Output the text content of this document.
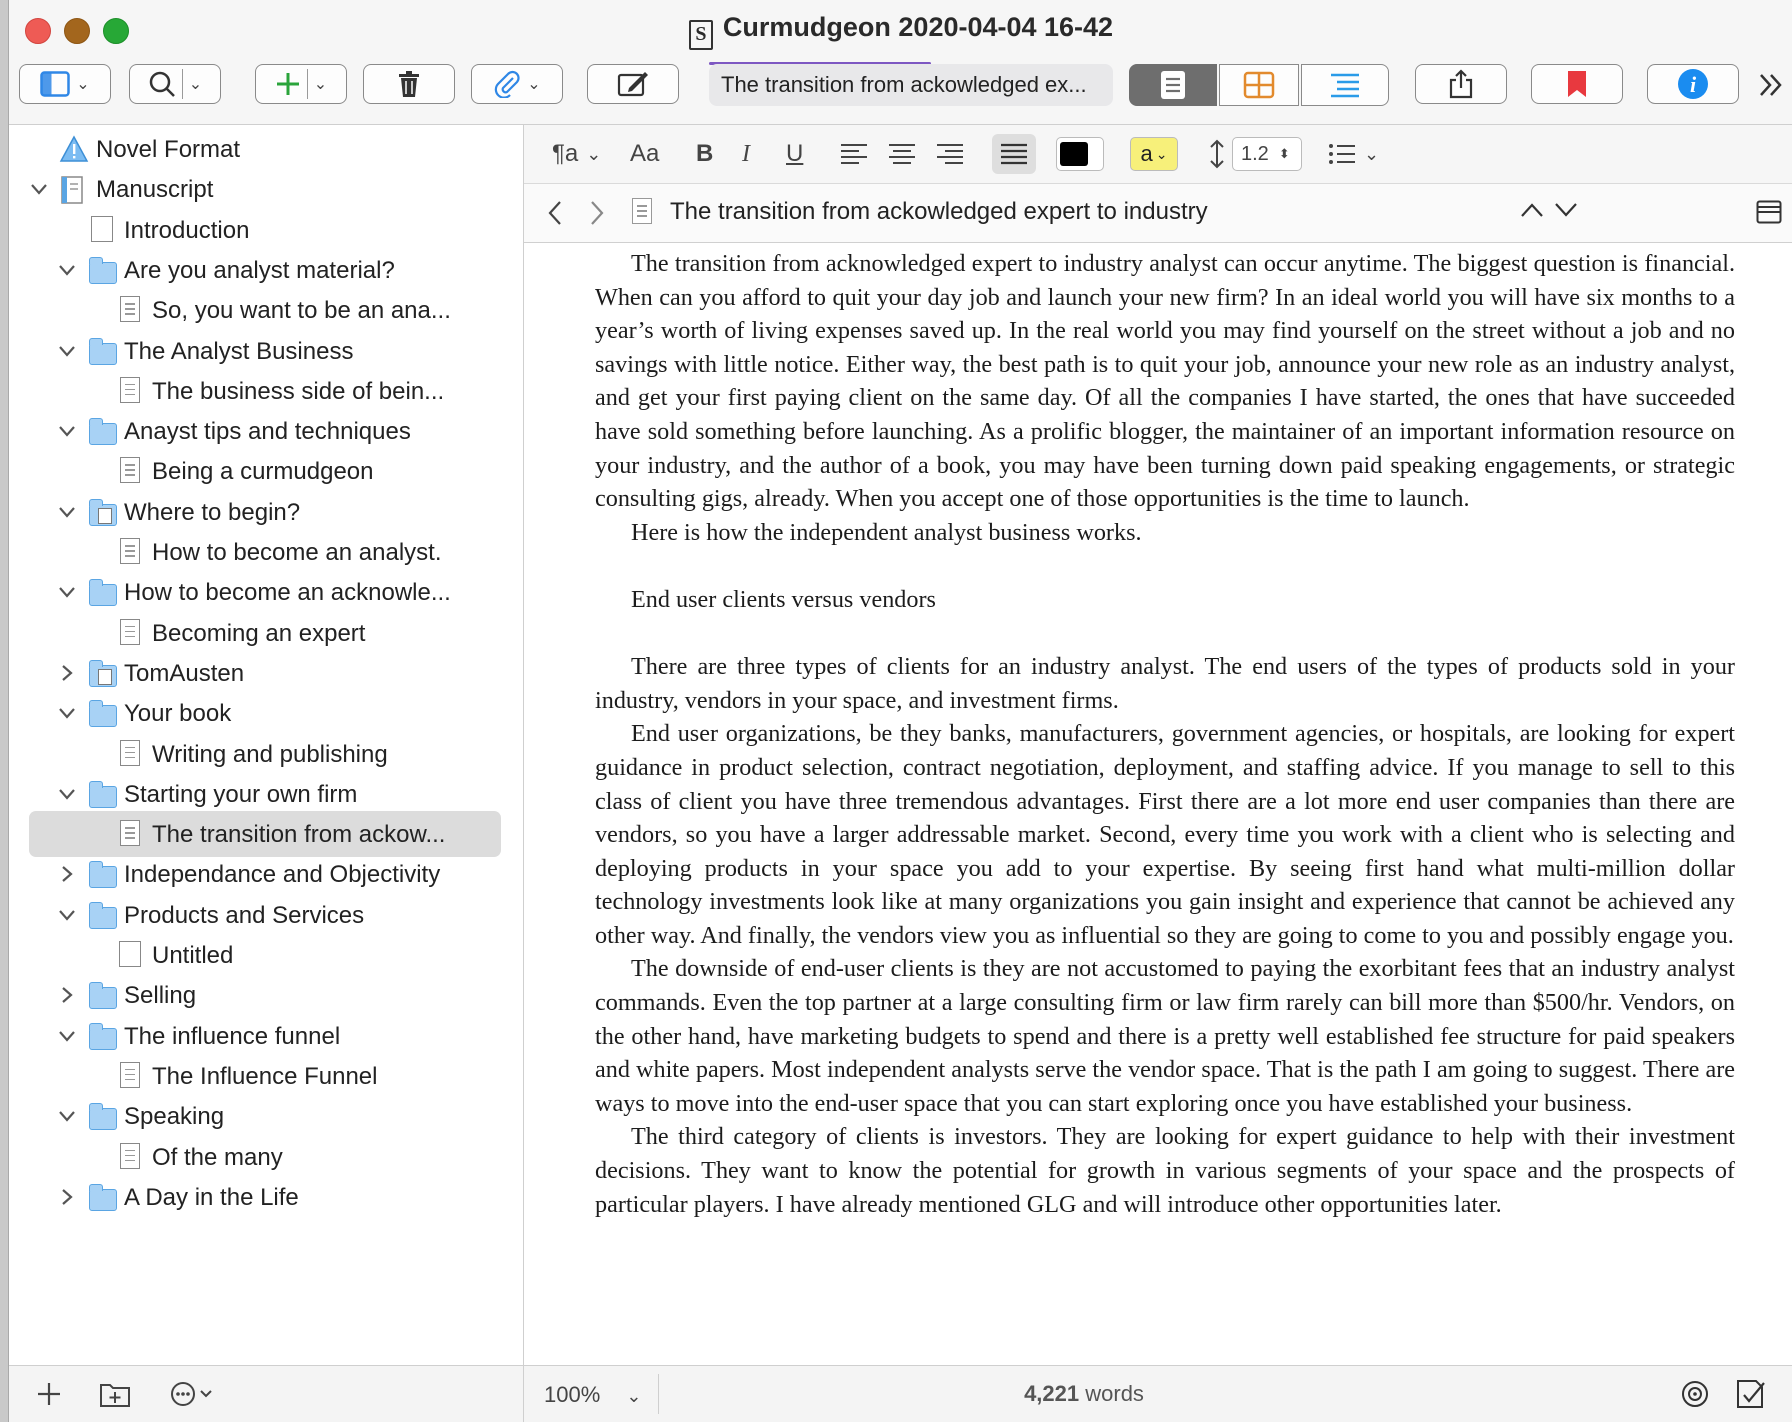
S Curmudgeon 2020-04-04 16-42
⌄	⌄	⌄	⌄	The transition from ackowledged ex...	i
Novel Format
Manuscript
Introduction
Are you analyst material?
So, you want to be an ana...
The Analyst Business
The business side of bein...
Anayst tips and techniques
Being a curmudgeon
Where to begin?
How to become an analyst.
How to become an acknowle...
Becoming an expert
TomAusten
Your book
Writing and publishing
Starting your own firm
The transition from ackow...
Independance and Objectivity
Products and Services
Untitled
Selling
The influence funnel
The Influence Funnel
Speaking
Of the many
A Day in the Life
¶a ⌄ Aa B I U	⌄ a ⌄	1.2 ⬍	⌄
The transition from ackowledged expert to industry

The transition from acknowledged expert to industry analyst can occur anytime. The biggest question is financial. When can you afford to quit your day job and launch your new firm? In an ideal world you will have six months to a year’s worth of living expenses saved up. In the real world you may find yourself on the street without a job and no savings with little notice. Either way, the best path is to quit your job, announce your new role as an industry analyst, and get your first paying client on the same day. Of all the companies I have started, the ones that have succeeded have sold something before launching. As a prolific blogger, the maintainer of an important information resource on your industry, and the author of a book, you may have been turning down paid speaking engagements, or strategic consulting gigs, already. When you accept one of those opportunities is the time to launch.

Here is how the independent analyst business works.

End user clients versus vendors

There are three types of clients for an industry analyst. The end users of the types of products sold in your industry, vendors in your space, and investment firms.

End user organizations, be they banks, manufacturers, government agencies, or hospitals, are looking for expert guidance in product selection, contract negotiation, deployment, and staffing advice. If you manage to sell to this class of client you have three tremendous advantages. First there are a lot more end user companies than there are vendors, so you have a larger addressable market. Second, every time you work with a client who is selecting and deploying products in your space you add to your expertise. By seeing first hand what multi-million dollar technology investments look like at many organizations you gain insight and experience that cannot be achieved any other way. And finally, the vendors view you as influential so they are going to come to you and possibly engage you.

The downside of end-user clients is they are not accustomed to paying the exorbitant fees that an industry analyst commands. Even the top partner at a large consulting firm or law firm rarely can bill more than $500/hr. Vendors, on the other hand, have marketing budgets to spend and there is a pretty well established fee structure for paid speakers and white papers. Most independent analysts serve the vendor space. That is the path I am going to suggest. There are ways to move into the end-user space that you can start exploring once you have established your business.

The third category of clients is investors. They are looking for expert guidance to help with their investment decisions. They want to know the potential for growth in various segments of your space and the prospects of particular players. I have already mentioned GLG and will introduce other opportunities later.

100% ⌄	4,221 words
